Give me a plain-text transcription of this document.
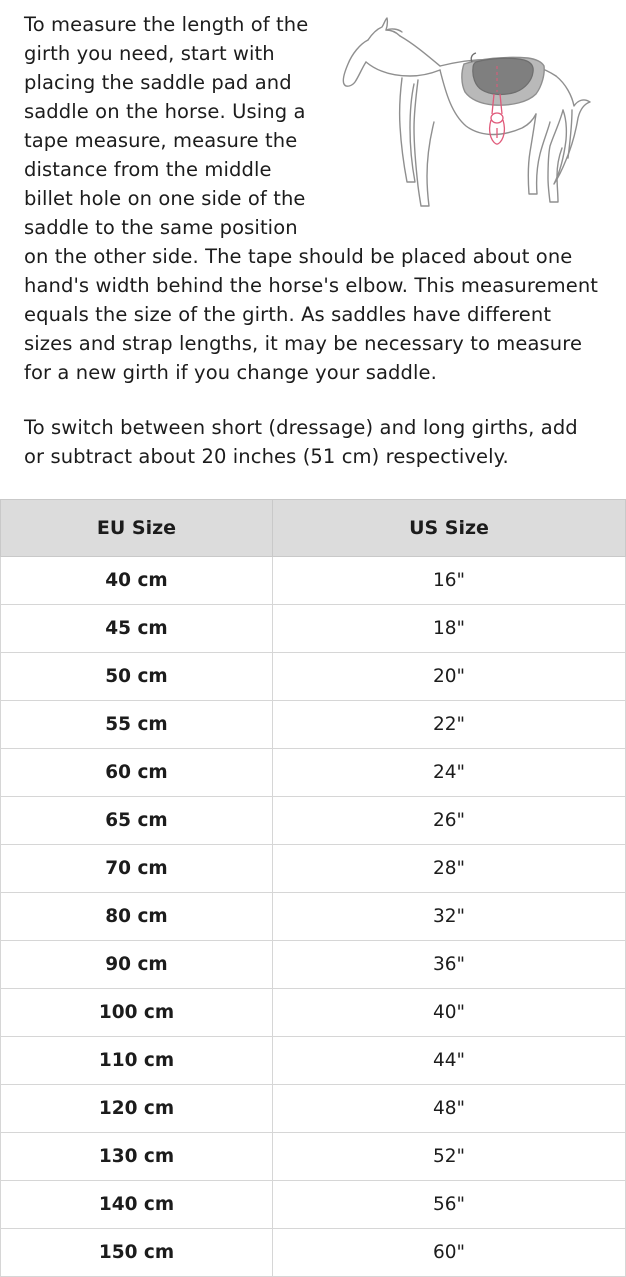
To measure the length of the girth you need, start with placing the saddle pad and saddle on the horse. Using a tape measure, measure the distance from the middle billet hole on one side of the saddle to the same position on the other side. The tape should be placed about one hand's width behind the horse's elbow. This measurement equals the size of the girth. As saddles have different sizes and strap lengths, it may be necessary to measure for a new girth if you change your saddle.

To switch between short (dressage) and long girths, add or subtract about 20 inches (51 cm) respectively.

EU Size	US Size
40 cm	16"
45 cm	18"
50 cm	20"
55 cm	22"
60 cm	24"
65 cm	26"
70 cm	28"
80 cm	32"
90 cm	36"
100 cm	40"
110 cm	44"
120 cm	48"
130 cm	52"
140 cm	56"
150 cm	60"
